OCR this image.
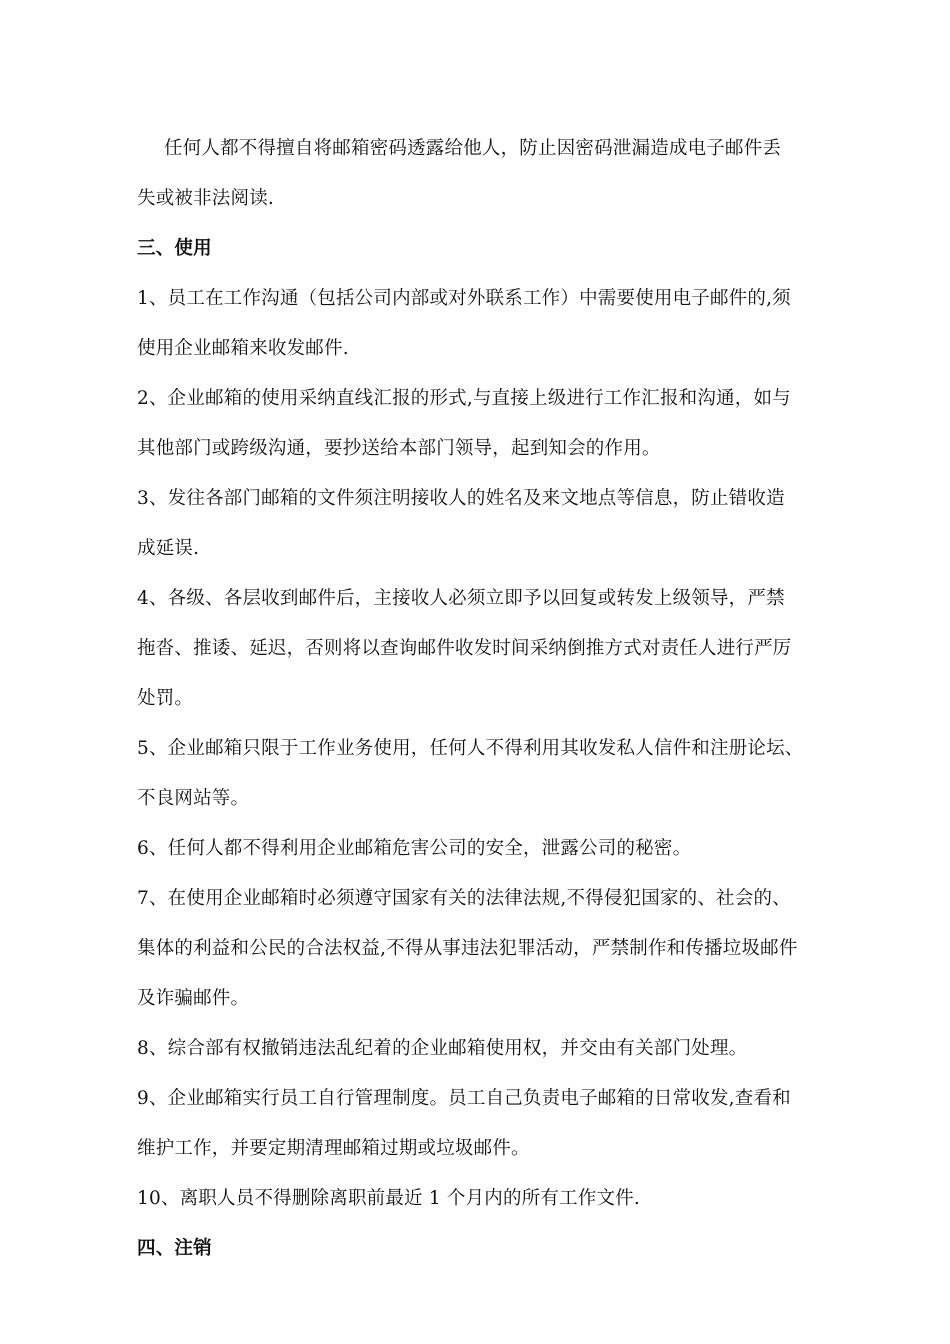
任何人都不得擅自将邮箱密码透露给他人，防止因密码泄漏造成电子邮件丢
失或被非法阅读.
三、使用
1、员工在工作沟通（包括公司内部或对外联系工作）中需要使用电子邮件的,须
使用企业邮箱来收发邮件.
2、企业邮箱的使用采纳直线汇报的形式,与直接上级进行工作汇报和沟通，如与
其他部门或跨级沟通，要抄送给本部门领导，起到知会的作用。
3、发往各部门邮箱的文件须注明接收人的姓名及来文地点等信息，防止错收造
成延误.
4、各级、各层收到邮件后，主接收人必须立即予以回复或转发上级领导，严禁
拖沓、推诿、延迟，否则将以查询邮件收发时间采纳倒推方式对责任人进行严厉
处罚。
5、企业邮箱只限于工作业务使用，任何人不得利用其收发私人信件和注册论坛、
不良网站等。
6、任何人都不得利用企业邮箱危害公司的安全，泄露公司的秘密。
7、在使用企业邮箱时必须遵守国家有关的法律法规,不得侵犯国家的、社会的、
集体的利益和公民的合法权益,不得从事违法犯罪活动，严禁制作和传播垃圾邮件
及诈骗邮件。
8、综合部有权撤销违法乱纪着的企业邮箱使用权，并交由有关部门处理。
9、企业邮箱实行员工自行管理制度。员工自己负责电子邮箱的日常收发,查看和
维护工作，并要定期清理邮箱过期或垃圾邮件。
10、离职人员不得删除离职前最近 1 个月内的所有工作文件.
四、注销
